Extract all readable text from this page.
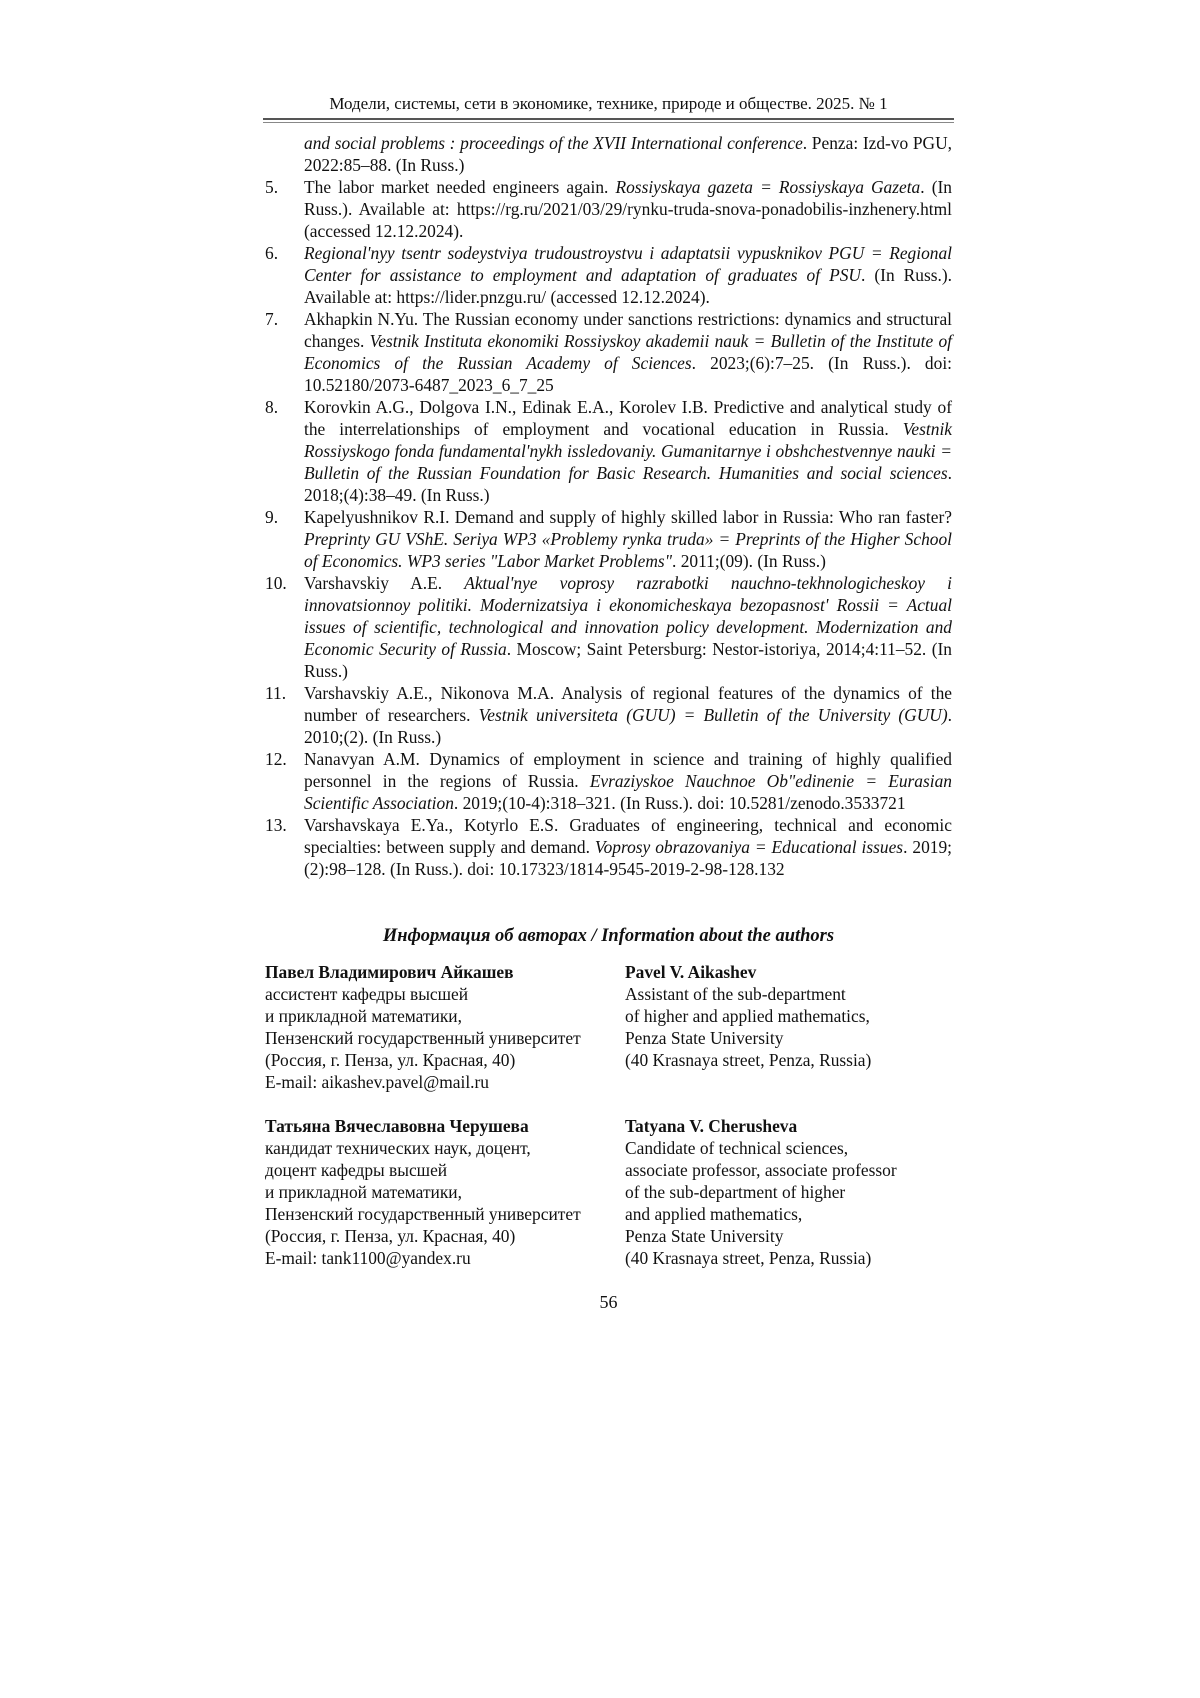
Модели, системы, сети в экономике, технике, природе и обществе. 2025. № 1
and social problems : proceedings of the XVII International conference. Penza: Izd-vo PGU, 2022:85–88. (In Russ.)
5.	The labor market needed engineers again. Rossiyskaya gazeta = Rossiyskaya Gazeta. (In Russ.). Available at: https://rg.ru/2021/03/29/rynku-truda-snova-ponadobilis-inzhenery.html (accessed 12.12.2024).
6.	Regional'nyy tsentr sodeystviya trudoustroystvu i adaptatsii vypusknikov PGU = Regional Center for assistance to employment and adaptation of graduates of PSU. (In Russ.). Available at: https://lider.pnzgu.ru/ (accessed 12.12.2024).
7.	Akhapkin N.Yu. The Russian economy under sanctions restrictions: dynamics and structural changes. Vestnik Instituta ekonomiki Rossiyskoy akademii nauk = Bulletin of the Institute of Economics of the Russian Academy of Sciences. 2023;(6):7–25. (In Russ.). doi: 10.52180/2073-6487_2023_6_7_25
8.	Korovkin A.G., Dolgova I.N., Edinak E.A., Korolev I.B. Predictive and analytical study of the interrelationships of employment and vocational education in Russia. Vestnik Rossiyskogo fonda fundamental'nykh issledovaniy. Gumanitarnye i obshchestvennye nauki = Bulletin of the Russian Foundation for Basic Research. Humanities and social sciences. 2018;(4):38–49. (In Russ.)
9.	Kapelyushnikov R.I. Demand and supply of highly skilled labor in Russia: Who ran faster? Preprinty GU VShE. Seriya WP3 «Problemy rynka truda» = Preprints of the Higher School of Economics. WP3 series "Labor Market Problems". 2011;(09). (In Russ.)
10. Varshavskiy A.E. Aktual'nye voprosy razrabotki nauchno-tekhnologicheskoy i innovatsionnoy politiki. Modernizatsiya i ekonomicheskaya bezopasnost' Rossii = Actual issues of scientific, technological and innovation policy development. Modernization and Economic Security of Russia. Moscow; Saint Petersburg: Nestor-istoriya, 2014;4:11–52. (In Russ.)
11.	Varshavskiy A.E., Nikonova M.A. Analysis of regional features of the dynamics of the number of researchers. Vestnik universiteta (GUU) = Bulletin of the University (GUU). 2010;(2). (In Russ.)
12. Nanavyan A.M. Dynamics of employment in science and training of highly qualified personnel in the regions of Russia. Evraziyskoe Nauchnoe Ob"edinenie = Eurasian Scientific Association. 2019;(10-4):318–321. (In Russ.). doi: 10.5281/zenodo.3533721
13. Varshavskaya E.Ya., Kotyrlo E.S. Graduates of engineering, technical and economic specialties: between supply and demand. Voprosy obrazovaniya = Educational issues. 2019;(2):98–128. (In Russ.). doi: 10.17323/1814-9545-2019-2-98-128.132
Информация об авторах / Information about the authors
Павел Владимирович Айкашев
ассистент кафедры высшей
и прикладной математики,
Пензенский государственный университет
(Россия, г. Пенза, ул. Красная, 40)
E-mail: aikashev.pavel@mail.ru
Pavel V. Aikashev
Assistant of the sub-department
of higher and applied mathematics,
Penza State University
(40 Krasnaya street, Penza, Russia)
Татьяна Вячеславовна Черушева
кандидат технических наук, доцент,
доцент кафедры высшей
и прикладной математики,
Пензенский государственный университет
(Россия, г. Пенза, ул. Красная, 40)
E-mail: tank1100@yandex.ru
Tatyana V. Cherusheva
Candidate of technical sciences,
associate professor, associate professor
of the sub-department of higher
and applied mathematics,
Penza State University
(40 Krasnaya street, Penza, Russia)
56
